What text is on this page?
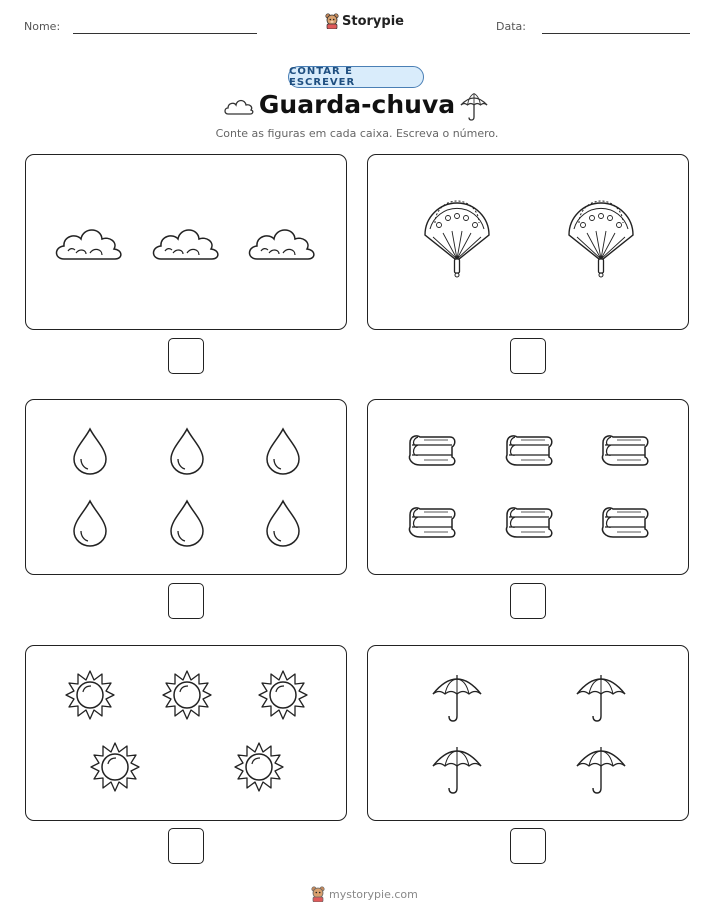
Nome:	Storypie	Data:
CONTAR E ESCREVER
Guarda-chuva
Conte as figuras em cada caixa. Escreva o número.
mystorypie.com
